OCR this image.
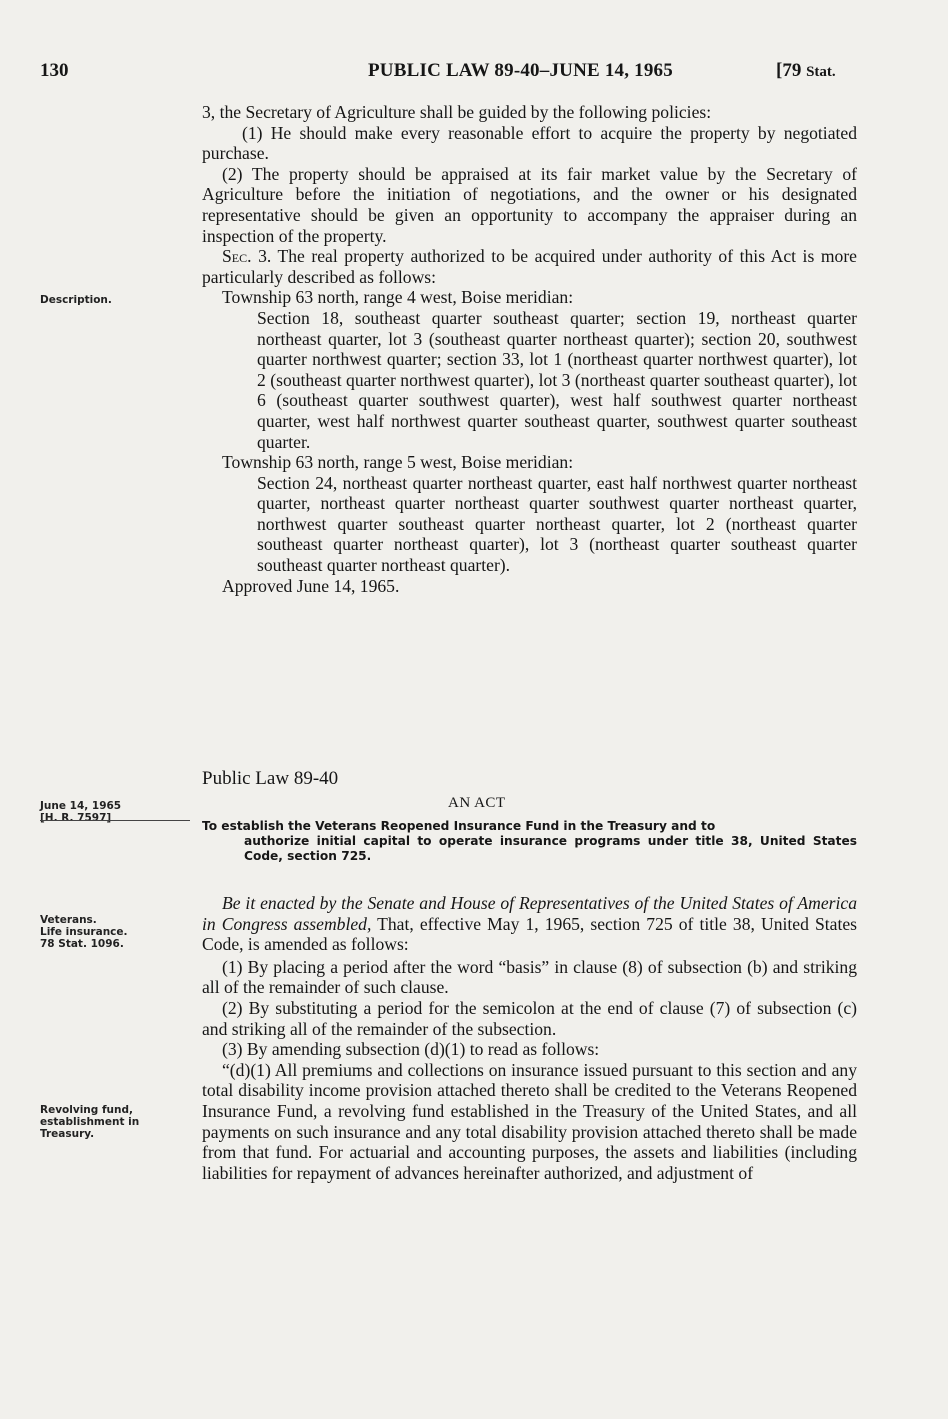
130	PUBLIC LAW 89-40–JUNE 14, 1965	[79 Stat.

3, the Secretary of Agriculture shall be guided by the following policies:

(1) He should make every reasonable effort to acquire the property by negotiated purchase.

(2) The property should be appraised at its fair market value by the Secretary of Agriculture before the initiation of negotiations, and the owner or his designated representative should be given an opportunity to accompany the appraiser during an inspection of the property.

Sec. 3. The real property authorized to be acquired under authority of this Act is more particularly described as follows:

Township 63 north, range 4 west, Boise meridian:

Section 18, southeast quarter southeast quarter; section 19, northeast quarter northeast quarter, lot 3 (southeast quarter northeast quarter); section 20, southwest quarter northwest quarter; section 33, lot 1 (northeast quarter northwest quarter), lot 2 (southeast quarter northwest quarter), lot 3 (northeast quarter southeast quarter), lot 6 (southeast quarter southwest quarter), west half southwest quarter northeast quarter, west half northwest quarter southeast quarter, southwest quarter southeast quarter.

Township 63 north, range 5 west, Boise meridian:

Section 24, northeast quarter northeast quarter, east half northwest quarter northeast quarter, northeast quarter northeast quarter southwest quarter northeast quarter, northwest quarter southeast quarter northeast quarter, lot 2 (northeast quarter southeast quarter northeast quarter), lot 3 (northeast quarter southeast quarter southeast quarter northeast quarter).

Approved June 14, 1965.

Description.
Public Law 89-40
AN ACT
June 14, 1965
[H. R. 7597]
To establish the Veterans Reopened Insurance Fund in the Treasury and to
authorize initial capital to operate insurance programs under title 38, United States Code, section 725.

Be it enacted by the Senate and House of Representatives of the United States of America in Congress assembled, That, effective May 1, 1965, section 725 of title 38, United States Code, is amended as follows:

(1) By placing a period after the word “basis” in clause (8) of subsection (b) and striking all of the remainder of such clause.

(2) By substituting a period for the semicolon at the end of clause (7) of subsection (c) and striking all of the remainder of the subsection.

(3) By amending subsection (d)(1) to read as follows:

“(d)(1) All premiums and collections on insurance issued pursuant to this section and any total disability income provision attached thereto shall be credited to the Veterans Reopened Insurance Fund, a revolving fund established in the Treasury of the United States, and all payments on such insurance and any total disability provision attached thereto shall be made from that fund. For actuarial and accounting purposes, the assets and liabilities (including liabilities for repayment of advances hereinafter authorized, and adjustment of

Veterans.
Life insurance.
78 Stat. 1096.
Revolving fund,
establishment in
Treasury.
